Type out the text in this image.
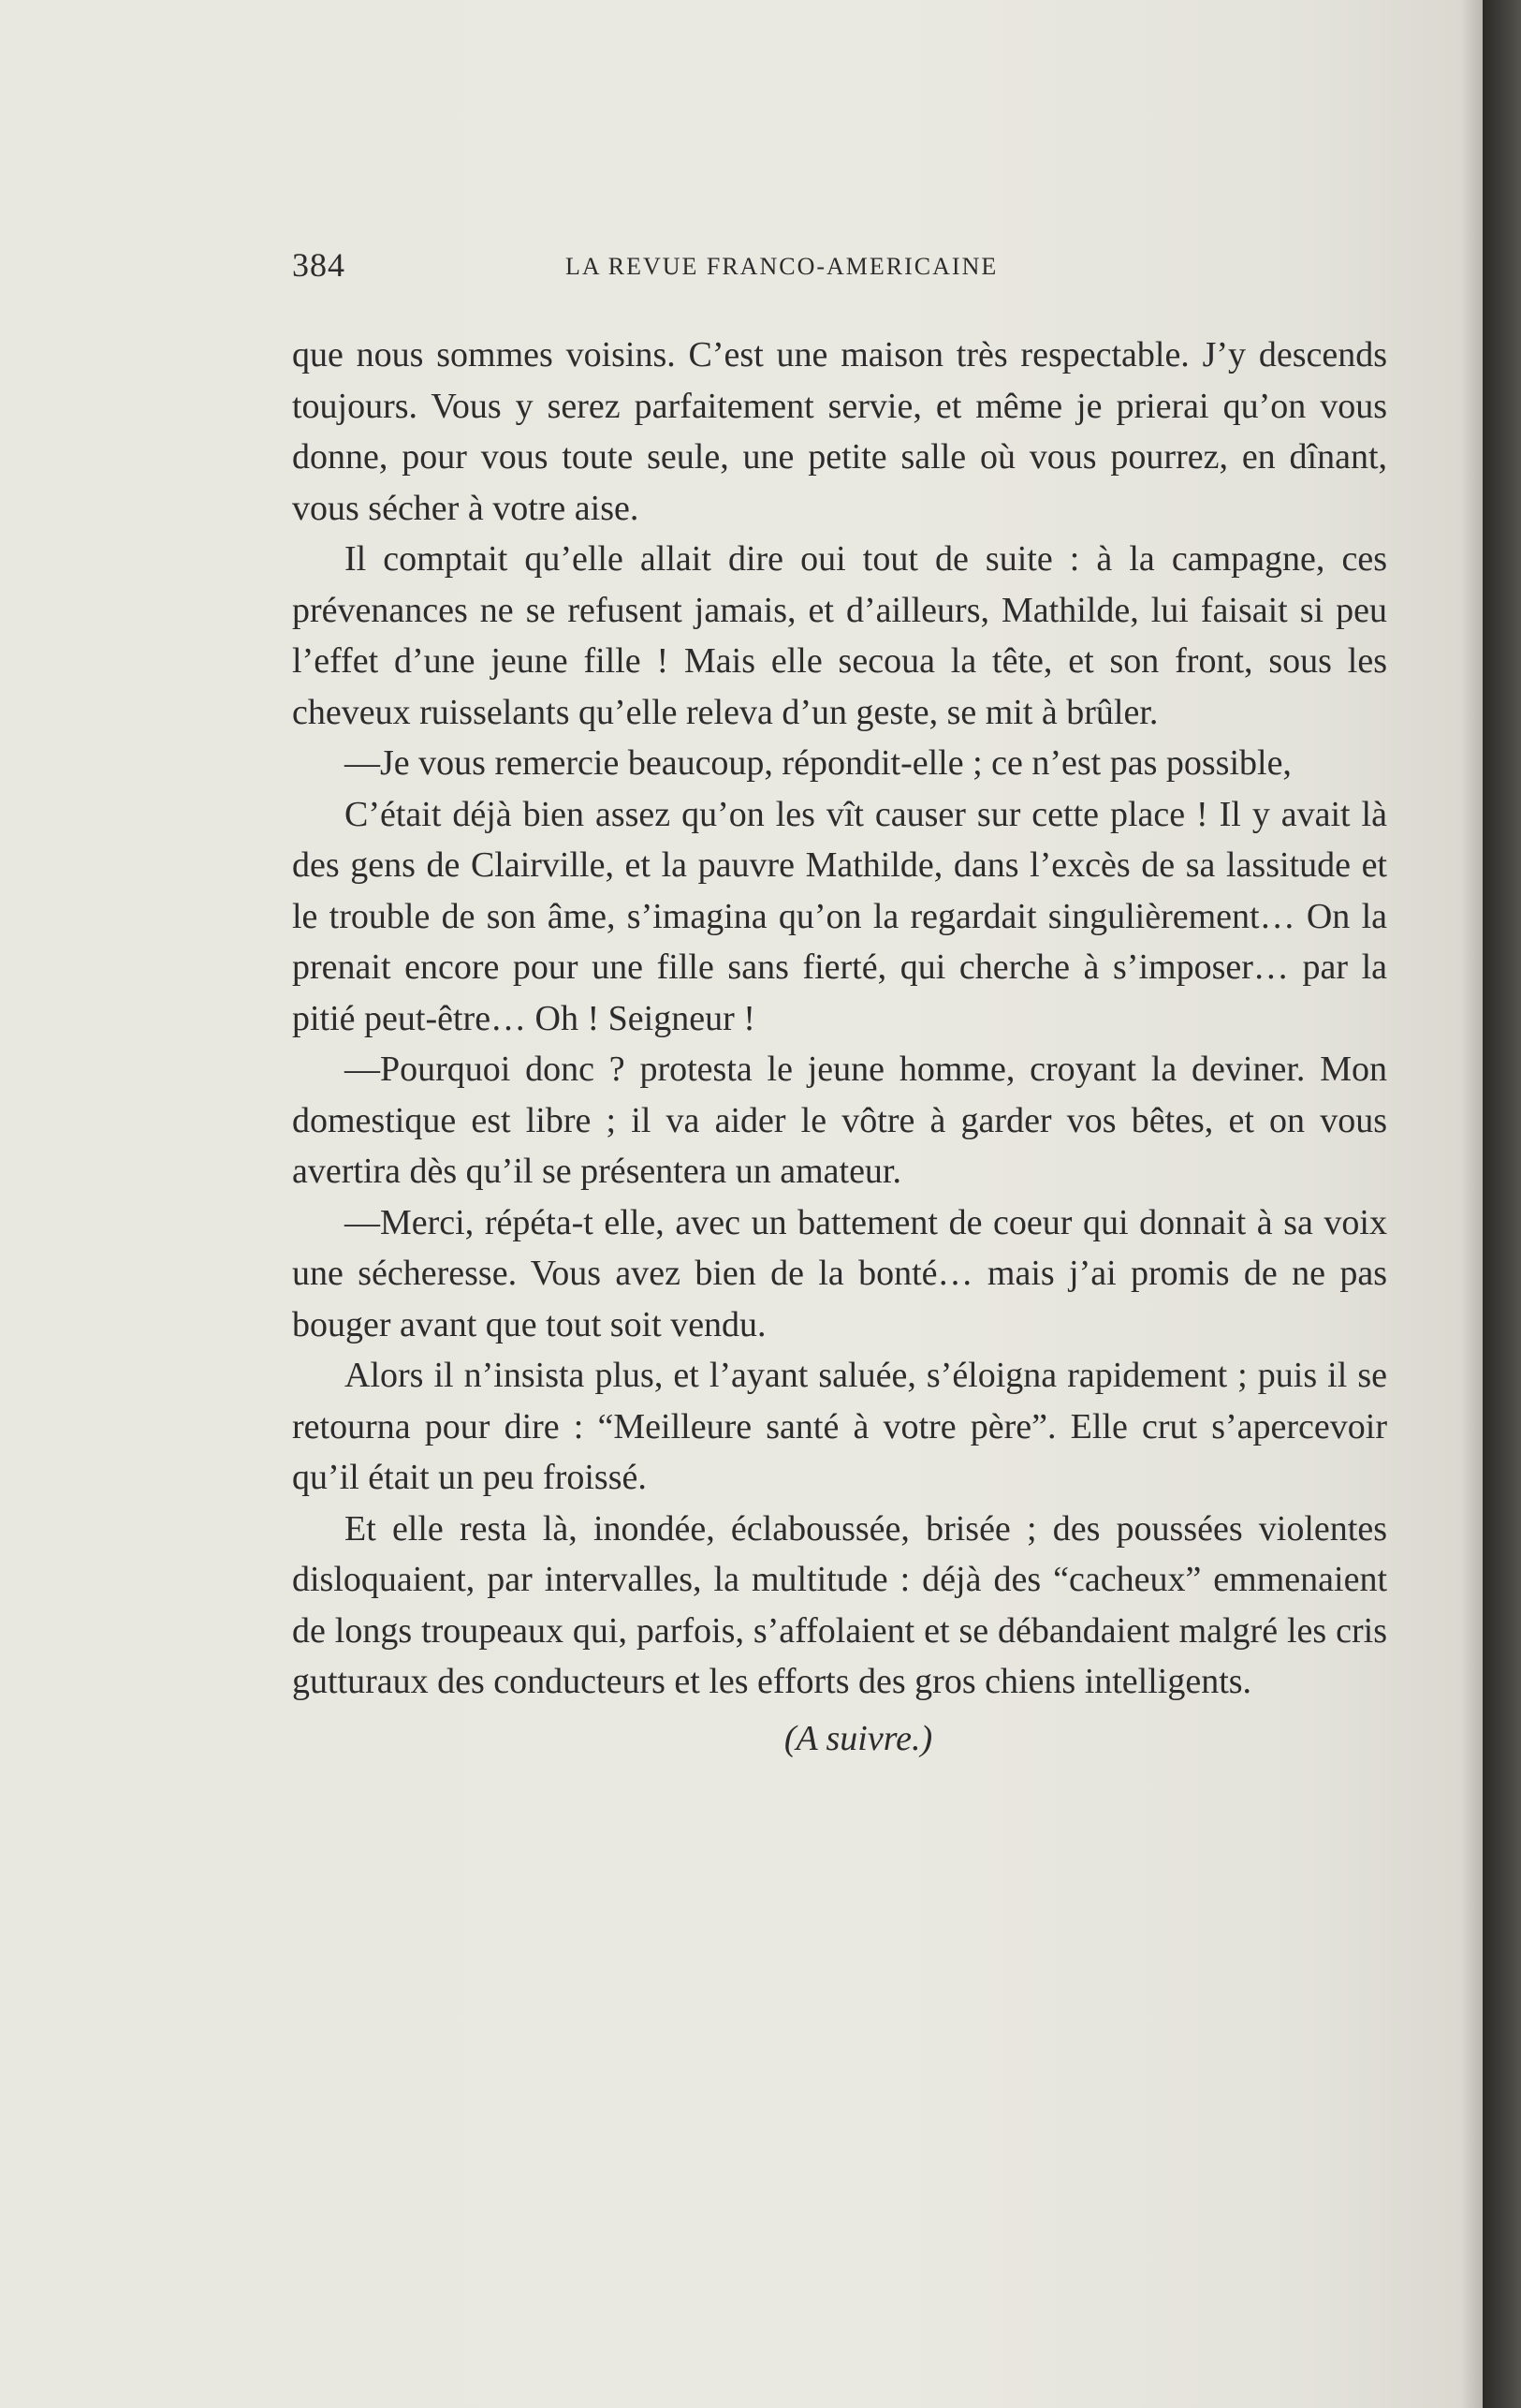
384	LA REVUE FRANCO-AMERICAINE

que nous sommes voisins. C’est une maison très respectable. J’y descends toujours. Vous y serez parfaitement servie, et même je prierai qu’on vous donne, pour vous toute seule, une petite salle où vous pourrez, en dînant, vous sécher à votre aise.

Il comptait qu’elle allait dire oui tout de suite : à la campagne, ces prévenances ne se refusent jamais, et d’ailleurs, Mathilde, lui faisait si peu l’effet d’une jeune fille ! Mais elle secoua la tête, et son front, sous les cheveux ruisselants qu’elle releva d’un geste, se mit à brûler.

—Je vous remercie beaucoup, répondit-elle ; ce n’est pas possible,

C’était déjà bien assez qu’on les vît causer sur cette place ! Il y avait là des gens de Clairville, et la pauvre Mathilde, dans l’excès de sa lassitude et le trouble de son âme, s’imagina qu’on la regardait singulièrement… On la prenait encore pour une fille sans fierté, qui cherche à s’imposer… par la pitié peut-être… Oh ! Seigneur !

—Pourquoi donc ? protesta le jeune homme, croyant la deviner. Mon domestique est libre ; il va aider le vôtre à garder vos bêtes, et on vous avertira dès qu’il se présentera un amateur.

—Merci, répéta-t elle, avec un battement de coeur qui donnait à sa voix une sécheresse. Vous avez bien de la bonté… mais j’ai promis de ne pas bouger avant que tout soit vendu.

Alors il n’insista plus, et l’ayant saluée, s’éloigna rapidement ; puis il se retourna pour dire : “Meilleure santé à votre père”. Elle crut s’apercevoir qu’il était un peu froissé.

Et elle resta là, inondée, éclaboussée, brisée ; des poussées violentes disloquaient, par intervalles, la multitude : déjà des “cacheux” emmenaient de longs troupeaux qui, parfois, s’affolaient et se débandaient malgré les cris gutturaux des conducteurs et les efforts des gros chiens intelligents.

(A suivre.)
